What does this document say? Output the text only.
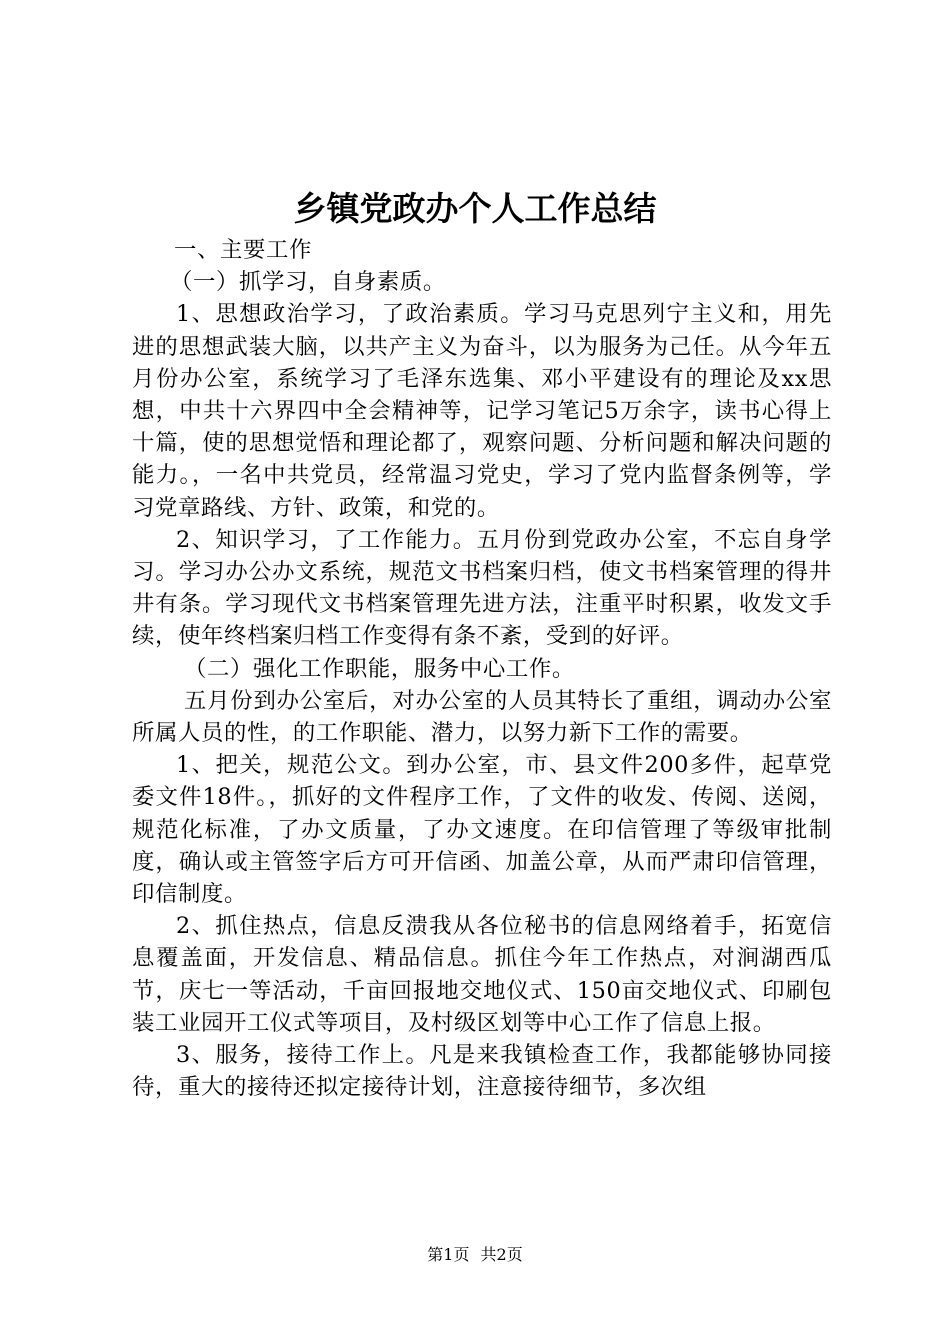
乡镇党政办个人工作总结

一、主要工作

（一）抓学习，自身素质。

1、思想政治学习，了政治素质。学习马克思列宁主义和，用先进的思想武装大脑，以共产主义为奋斗，以为服务为己任。从今年五月份办公室，系统学习了毛泽东选集、邓小平建设有的理论及xx思想，中共十六界四中全会精神等，记学习笔记5万余字，读书心得上十篇，使的思想觉悟和理论都了，观察问题、分析问题和解决问题的能力。，一名中共党员，经常温习党史，学习了党内监督条例等，学习党章路线、方针、政策，和党的。

2、知识学习，了工作能力。五月份到党政办公室，不忘自身学习。学习办公办文系统，规范文书档案归档，使文书档案管理的得井井有条。学习现代文书档案管理先进方法，注重平时积累，收发文手续，使年终档案归档工作变得有条不紊，受到的好评。

（二）强化工作职能，服务中心工作。

五月份到办公室后，对办公室的人员其特长了重组，调动办公室所属人员的性，的工作职能、潜力，以努力新下工作的需要。

1、把关，规范公文。到办公室，市、县文件200多件，起草党委文件18件。，抓好的文件程序工作，了文件的收发、传阅、送阅，规范化标准，了办文质量，了办文速度。在印信管理了等级审批制度，确认或主管签字后方可开信函、加盖公章，从而严肃印信管理，印信制度。

2、抓住热点，信息反溃我从各位秘书的信息网络着手，拓宽信息覆盖面，开发信息、精品信息。抓住今年工作热点，对涧湖西瓜节，庆七一等活动，千亩回报地交地仪式、150亩交地仪式、印刷包装工业园开工仪式等项目，及村级区划等中心工作了信息上报。

3、服务，接待工作上。凡是来我镇检查工作，我都能够协同接待，重大的接待还拟定接待计划，注意接待细节，多次组

第1页 共2页
